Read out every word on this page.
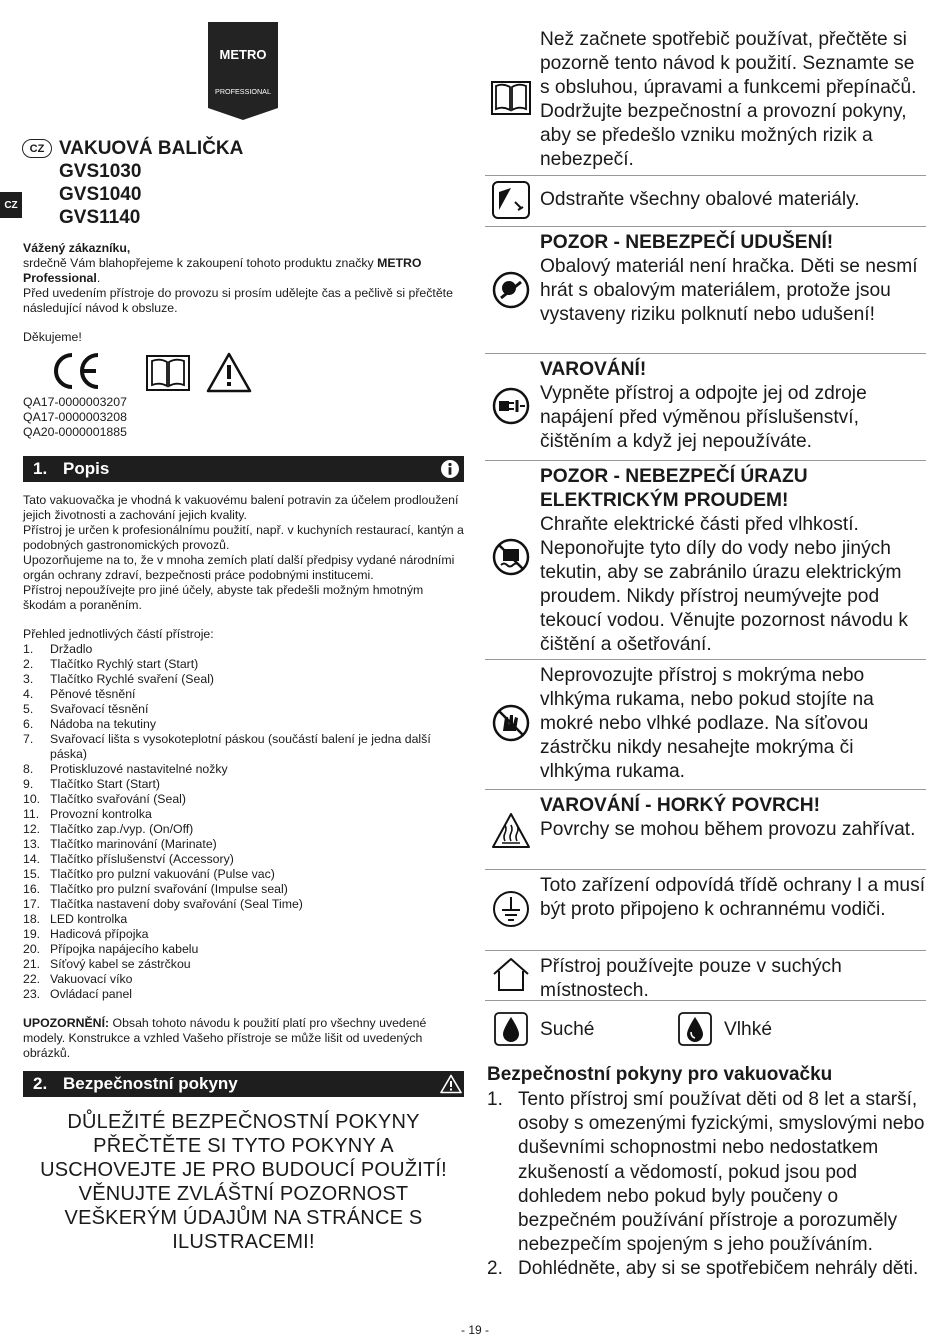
METRO
PROFESSIONAL
CZ
CZ VAKUOVÁ BALIČKA
GVS1030
GVS1040
GVS1140
Vážený zákazníku,
srdečně Vám blahopřejeme k zakoupení tohoto produktu značky METRO Professional.
Před uvedením přístroje do provozu si prosím udělejte čas a pečlivě si přečtěte následující návod k obsluze.
Děkujeme!
QA17-0000003207
QA17-0000003208
QA20-0000001885
1. Popis
Tato vakuovačka je vhodná k vakuovému balení potravin za účelem prodloužení jejich životnosti a zachování jejich kvality.
Přístroj je určen k profesionálnímu použití, např. v kuchyních restaurací, kantýn a podobných gastronomických provozů.
Upozorňujeme na to, že v mnoha zemích platí další předpisy vydané národními orgán ochrany zdraví, bezpečnosti práce podobnými institucemi.
Přístroj nepoužívejte pro jiné účely, abyste tak předešli možným hmotným škodám a poraněním.
Přehled jednotlivých částí přístroje:
1.	Držadlo
2.	Tlačítko Rychlý start (Start)
3.	Tlačítko Rychlé svaření (Seal)
4.	Pěnové těsnění
5.	Svařovací těsnění
6.	Nádoba na tekutiny
7.	Svařovací lišta s vysokoteplotní páskou (součástí balení je jedna další páska)
8.	Protiskluzové nastavitelné nožky
9.	Tlačítko Start (Start)
10. Tlačítko svařování (Seal)
11. Provozní kontrolka
12. Tlačítko zap./vyp. (On/Off)
13. Tlačítko marinování (Marinate)
14. Tlačítko příslušenství (Accessory)
15. Tlačítko pro pulzní vakuování (Pulse vac)
16. Tlačítko pro pulzní svařování (Impulse seal)
17. Tlačítka nastavení doby svařování (Seal Time)
18. LED kontrolka
19. Hadicová přípojka
20. Přípojka napájecího kabelu
21. Síťový kabel se zástrčkou
22. Vakuovací víko
23. Ovládací panel
UPOZORNĚNÍ: Obsah tohoto návodu k použití platí pro všechny uvedené modely. Konstrukce a vzhled Vašeho přístroje se může lišit od uvedených obrázků.
2. Bezpečnostní pokyny
DŮLEŽITÉ BEZPEČNOSTNÍ POKYNY PŘEČTĚTE SI TYTO POKYNY A USCHOVEJTE JE PRO BUDOUCÍ POUŽITÍ! VĚNUJTE ZVLÁŠTNÍ POZORNOST VEŠKERÝM ÚDAJŮM NA STRÁNCE S ILUSTRACEMI!
Než začnete spotřebič používat, přečtěte si pozorně tento návod k použití. Seznamte se s obsluhou, úpravami a funkcemi přepínačů. Dodržujte bezpečnostní a provozní pokyny, aby se předešlo vzniku možných rizik a nebezpečí.
Odstraňte všechny obalové materiály.
POZOR - NEBEZPEČÍ UDUŠENÍ!
Obalový materiál není hračka. Děti se nesmí hrát s obalovým materiálem, protože jsou vystaveny riziku polknutí nebo udušení!
VAROVÁNÍ!
Vypněte přístroj a odpojte jej od zdroje napájení před výměnou příslušenství, čištěním a když jej nepoužíváte.
POZOR - NEBEZPEČÍ ÚRAZU ELEKTRICKÝM PROUDEM!
Chraňte elektrické části před vlhkostí. Neponořujte tyto díly do vody nebo jiných tekutin, aby se zabránilo úrazu elektrickým proudem. Nikdy přístroj neumývejte pod tekoucí vodou. Věnujte pozornost návodu k čištění a ošetřování.
Neprovozujte přístroj s mokrýma nebo vlhkýma rukama, nebo pokud stojíte na mokré nebo vlhké podlaze. Na síťovou zástrčku nikdy nesahejte mokrýma či vlhkýma rukama.
VAROVÁNÍ - HORKÝ POVRCH!
Povrchy se mohou během provozu zahřívat.
Toto zařízení odpovídá třídě ochrany I a musí být proto připojeno k ochrannému vodiči.
Přístroj používejte pouze v suchých místnostech.
Suché	Vlhké
Bezpečnostní pokyny pro vakuovačku
1. Tento přístroj smí používat děti od 8 let a starší, osoby s omezenými fyzickými, smyslovými nebo duševními schopnostmi nebo nedostatkem zkušeností a vědomostí, pokud jsou pod dohledem nebo pokud byly poučeny o bezpečném používání přístroje a porozuměly nebezpečím spojeným s jeho používáním.
2. Dohlédněte, aby si se spotřebičem nehrály děti.
- 19 -
